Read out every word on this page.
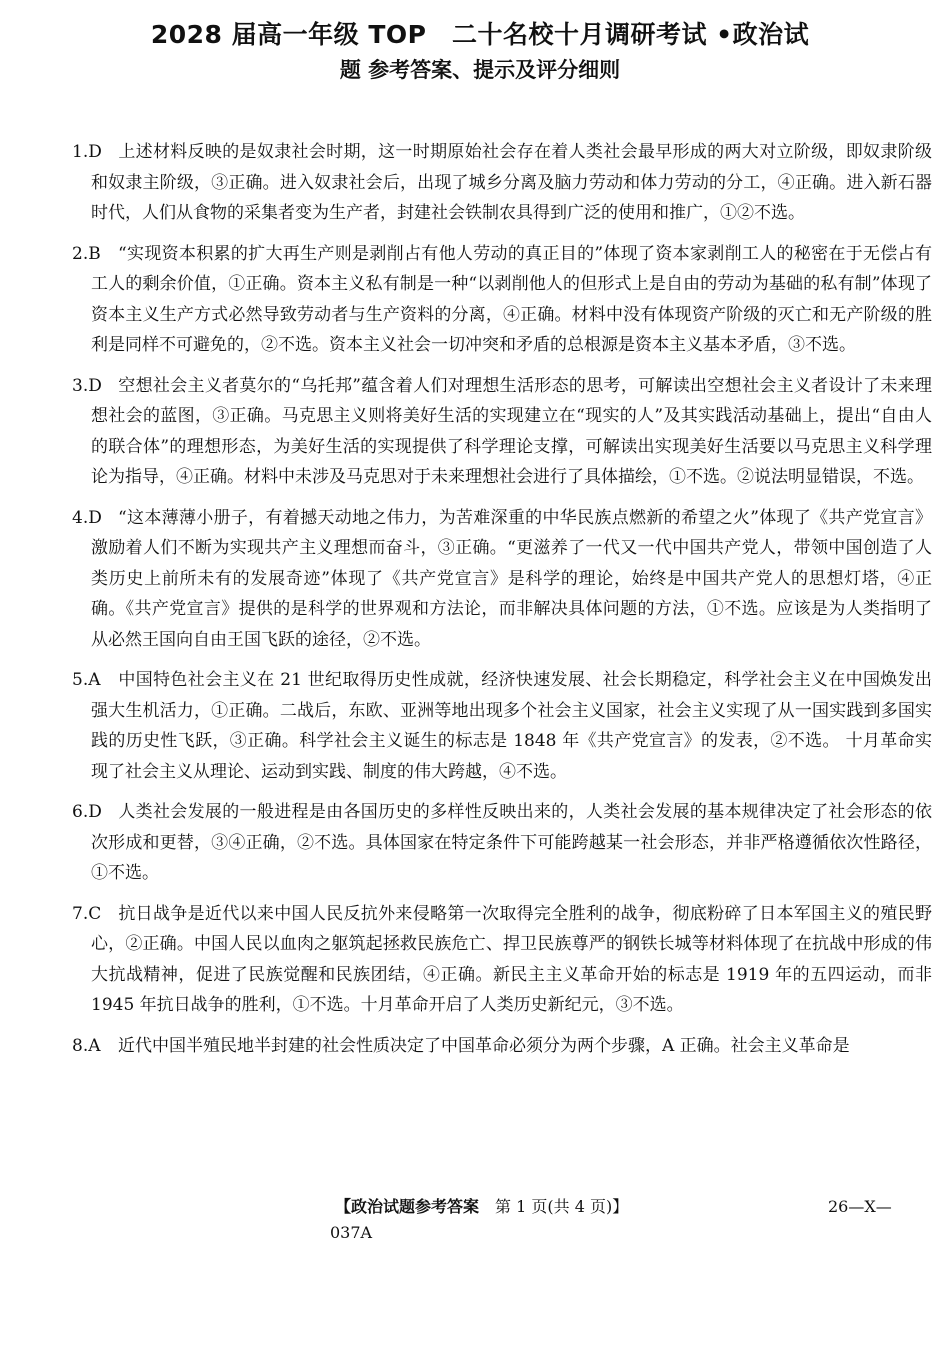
2028 届高一年级 TOP　二十名校十月调研考试 •政治试
题 参考答案、提示及评分细则
1.D 上述材料反映的是奴隶社会时期，这一时期原始社会存在着人类社会最早形成的两大对立阶级，即奴隶阶级和奴隶主阶级，③正确。进入奴隶社会后，出现了城乡分离及脑力劳动和体力劳动的分工，④正确。进入新石器时代，人们从食物的采集者变为生产者，封建社会铁制农具得到广泛的使用和推广，①②不选。
2.B “实现资本积累的扩大再生产则是剥削占有他人劳动的真正目的”体现了资本家剥削工人的秘密在于无偿占有工人的剩余价值，①正确。资本主义私有制是一种“以剥削他人的但形式上是自由的劳动为基础的私有制”体现了资本主义生产方式必然导致劳动者与生产资料的分离，④正确。材料中没有体现资产阶级的灭亡和无产阶级的胜利是同样不可避免的，②不选。资本主义社会一切冲突和矛盾的总根源是资本主义基本矛盾，③不选。
3.D 空想社会主义者莫尔的“乌托邦”蕴含着人们对理想生活形态的思考，可解读出空想社会主义者设计了未来理想社会的蓝图，③正确。马克思主义则将美好生活的实现建立在“现实的人”及其实践活动基础上，提出“自由人的联合体”的理想形态，为美好生活的实现提供了科学理论支撑，可解读出实现美好生活要以马克思主义科学理论为指导，④正确。材料中未涉及马克思对于未来理想社会进行了具体描绘，①不选。②说法明显错误，不选。
4.D “这本薄薄小册子，有着撼天动地之伟力，为苦难深重的中华民族点燃新的希望之火”体现了《共产党宣言》激励着人们不断为实现共产主义理想而奋斗，③正确。“更滋养了一代又一代中国共产党人，带领中国创造了人类历史上前所未有的发展奇迹”体现了《共产党宣言》是科学的理论，始终是中国共产党人的思想灯塔，④正确。《共产党宣言》提供的是科学的世界观和方法论，而非解决具体问题的方法，①不选。应该是为人类指明了从必然王国向自由王国飞跃的途径，②不选。
5.A 中国特色社会主义在 21 世纪取得历史性成就，经济快速发展、社会长期稳定，科学社会主义在中国焕发出强大生机活力，①正确。二战后，东欧、亚洲等地出现多个社会主义国家，社会主义实现了从一国实践到多国实践的历史性飞跃，③正确。科学社会主义诞生的标志是 1848 年《共产党宣言》的发表，②不选。 十月革命实现了社会主义从理论、运动到实践、制度的伟大跨越，④不选。
6.D 人类社会发展的一般进程是由各国历史的多样性反映出来的，人类社会发展的基本规律决定了社会形态的依次形成和更替，③④正确，②不选。具体国家在特定条件下可能跨越某一社会形态，并非严格遵循依次性路径，①不选。
7.C 抗日战争是近代以来中国人民反抗外来侵略第一次取得完全胜利的战争，彻底粉碎了日本军国主义的殖民野心，②正确。中国人民以血肉之躯筑起拯救民族危亡、捍卫民族尊严的钢铁长城等材料体现了在抗战中形成的伟大抗战精神，促进了民族觉醒和民族团结，④正确。新民主主义革命开始的标志是 1919 年的五四运动，而非 1945 年抗日战争的胜利，①不选。十月革命开启了人类历史新纪元，③不选。
8.A 近代中国半殖民地半封建的社会性质决定了中国革命必须分为两个步骤，A 正确。社会主义革命是
【政治试题参考答案　第 1 页(共 4 页)】	26—X—
037A
